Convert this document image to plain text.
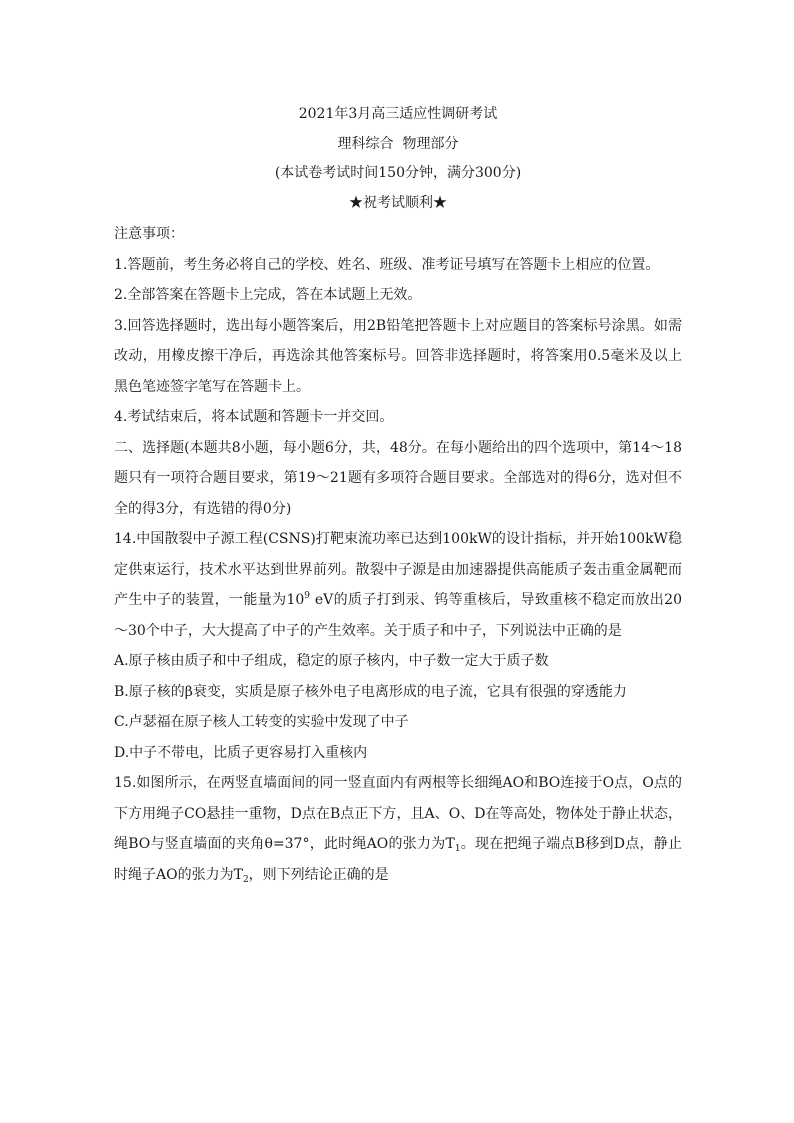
2021年3月高三适应性调研考试
理科综合  物理部分
(本试卷考试时间150分钟，满分300分)
★祝考试顺利★

注意事项：

1.答题前，考生务必将自己的学校、姓名、班级、准考证号填写在答题卡上相应的位置。

2.全部答案在答题卡上完成，答在本试题上无效。

3.回答选择题时，选出每小题答案后，用2B铅笔把答题卡上对应题目的答案标号涂黑。如需改动，用橡皮擦干净后，再选涂其他答案标号。回答非选择题时，将答案用0.5毫米及以上黑色笔迹签字笔写在答题卡上。

4.考试结束后，将本试题和答题卡一并交回。

二、选择题(本题共8小题，每小题6分，共，48分。在每小题给出的四个选项中，第14～18题只有一项符合题目要求，第19～21题有多项符合题目要求。全部选对的得6分，选对但不全的得3分，有选错的得0分)

14.中国散裂中子源工程(CSNS)打靶束流功率已达到100kW的设计指标，并开始100kW稳定供束运行，技术水平达到世界前列。散裂中子源是由加速器提供高能质子轰击重金属靶而产生中子的装置，一能量为$10^9$ eV的质子打到汞、钨等重核后，导致重核不稳定而放出20～30个中子，大大提高了中子的产生效率。关于质子和中子，下列说法中正确的是

A.原子核由质子和中子组成，稳定的原子核内，中子数一定大于质子数

B.原子核的β衰变，实质是原子核外电子电离形成的电子流，它具有很强的穿透能力

C.卢瑟福在原子核人工转变的实验中发现了中子

D.中子不带电，比质子更容易打入重核内

15.如图所示，在两竖直墙面间的同一竖直面内有两根等长细绳AO和BO连接于O点，O点的下方用绳子CO悬挂一重物，D点在B点正下方，且A、O、D在等高处，物体处于静止状态，绳BO与竖直墙面的夹角θ=37°，此时绳AO的张力为$T_1$。现在把绳子端点B移到D点，静止时绳子AO的张力为$T_2$，则下列结论正确的是
